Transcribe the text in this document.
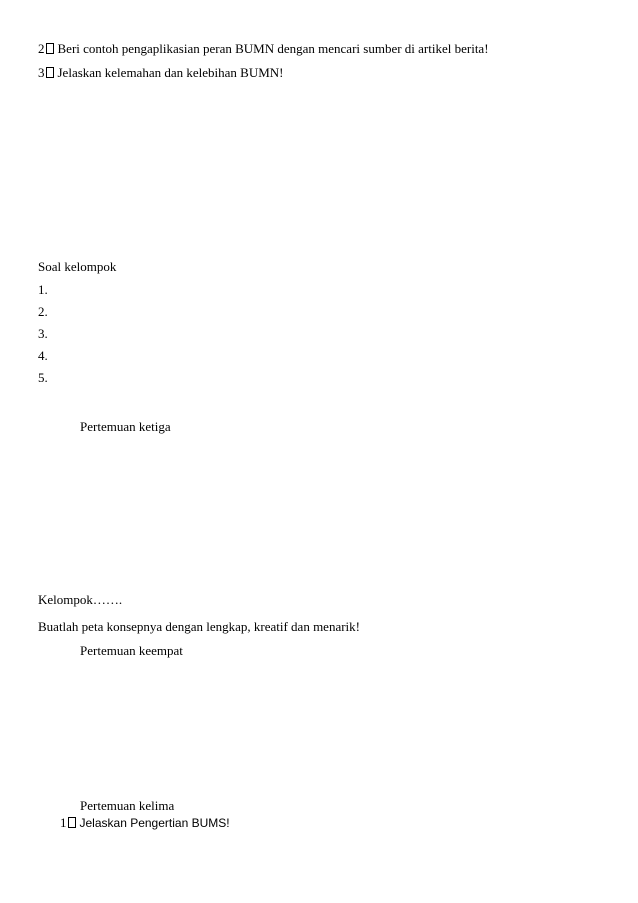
2 Beri contoh pengaplikasian peran BUMN dengan mencari sumber di artikel berita!
3 Jelaskan kelemahan dan kelebihan BUMN!
Soal kelompok
1.
2.
3.
4.
5.
Pertemuan ketiga
Kelompok…….
Buatlah peta konsepnya dengan lengkap, kreatif dan menarik!
Pertemuan keempat
Pertemuan kelima
1 Jelaskan Pengertian BUMS!
